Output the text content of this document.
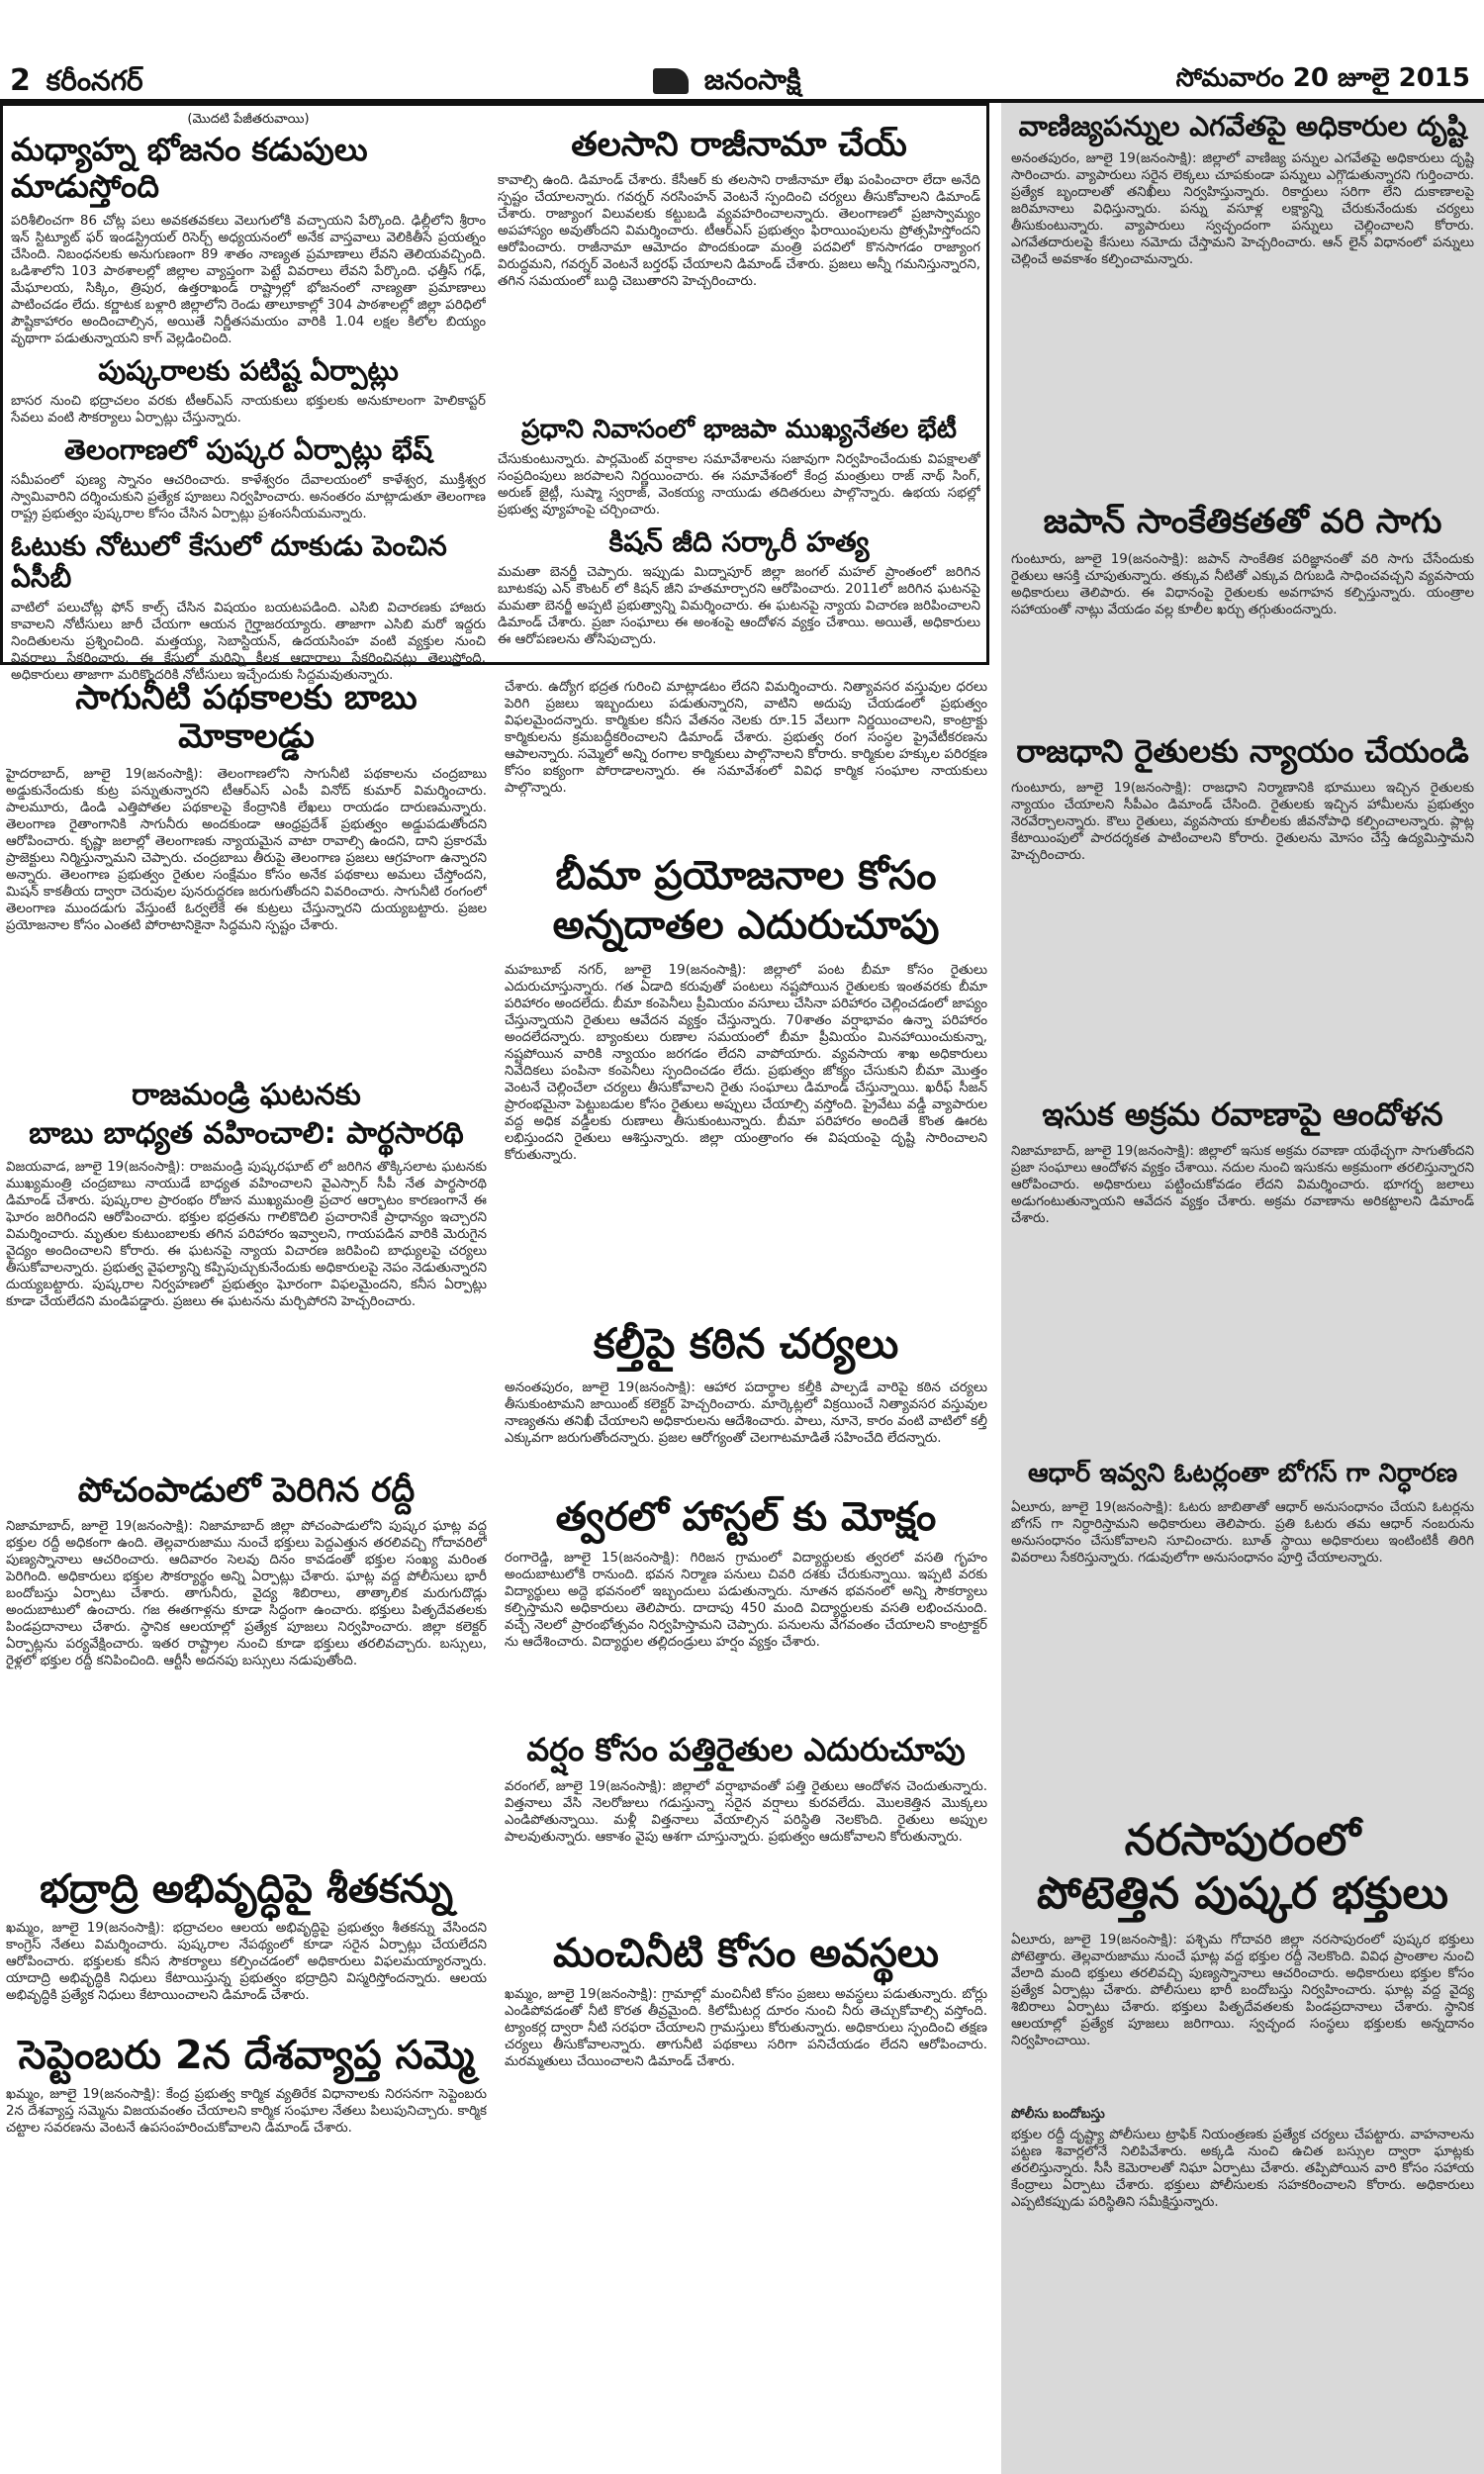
2 కరీంనగర్	జనంసాక్షి	సోమవారం 20 జూలై 2015
(మొదటి పేజీతరువాయి)
మధ్యాహ్న భోజనం కడుపులు మాడుస్తోంది
పరిశీలించగా 86 చోట్ల పలు అవకతవకలు వెలుగులోకి వచ్చాయని పేర్కొంది. ఢిల్లీలోని శ్రీరాం ఇన్ స్టిట్యూట్ ఫర్ ఇండస్ట్రియల్ రిసెర్చ్ అధ్యయనంలో అనేక వాస్తవాలు వెలికితీసే ప్రయత్నం చేసింది. నిబంధనలకు అనుగుణంగా 89 శాతం నాణ్యత ప్రమాణాలు లేవని తెలియవచ్చింది. ఒడిశాలోని 103 పాఠశాలల్లో జిల్లాల వ్యాప్తంగా పెట్టే వివరాలు లేవని పేర్కొంది. ఛత్తీస్ గఢ్, మేఘాలయ, సిక్కిం, త్రిపుర, ఉత్తరాఖండ్ రాష్ట్రాల్లో భోజనంలో నాణ్యతా ప్రమాణాలు పాటించడం లేదు. కర్ణాటక బళ్లారి జిల్లాలోని రెండు తాలూకాల్లో 304 పాఠశాలల్లో జిల్లా పరిధిలో పౌష్టికాహారం అందించాల్సిన, అయితే నిర్ణీతసమయం వారికి 1.04 లక్షల కిలోల బియ్యం వృథాగా పడుతున్నాయని కాగ్ వెల్లడించింది.
పుష్కరాలకు పటిష్ట ఏర్పాట్లు
బాసర నుంచి భద్రాచలం వరకు టీఆర్ఎస్ నాయకులు భక్తులకు అనుకూలంగా హెలికాప్టర్ సేవలు వంటి సౌకర్యాలు ఏర్పాట్లు చేస్తున్నారు.
తెలంగాణలో పుష్కర ఏర్పాట్లు భేష్
సమీపంలో పుణ్య స్నానం ఆచరించారు. కాళేశ్వరం దేవాలయంలో కాళేశ్వర, ముక్తీశ్వర స్వామివారిని దర్శించుకుని ప్రత్యేక పూజలు నిర్వహించారు. అనంతరం మాట్లాడుతూ తెలంగాణ రాష్ట్ర ప్రభుత్వం పుష్కరాల కోసం చేసిన ఏర్పాట్లు ప్రశంసనీయమన్నారు.
ఓటుకు నోటులో కేసులో దూకుడు పెంచిన ఏసీబీ
వాటిలో పలుచోట్ల ఫోన్ కాల్స్ చేసిన విషయం బయటపడింది. ఎసిబి విచారణకు హాజరు కావాలని నోటీసులు జారీ చేయగా ఆయన గైర్హాజరయ్యారు. తాజాగా ఎసిబి మరో ఇద్దరు నిందితులను ప్రశ్నించింది. మత్తయ్య, సెబాస్టియన్, ఉదయసింహ వంటి వ్యక్తుల నుంచి వివరాలు సేకరించారు. ఈ కేసులో మరిన్ని కీలక ఆధారాలు సేకరించినట్లు తెలుస్తోంది. అధికారులు తాజాగా మరికొందరికి నోటీసులు ఇచ్చేందుకు సిద్ధమవుతున్నారు.
తలసాని రాజీనామా చేయ్
కావాల్సి ఉంది. డిమాండ్ చేశారు. కేసీఆర్ కు తలసాని రాజీనామా లేఖ పంపించారా లేదా అనేది స్పష్టం చేయాలన్నారు. గవర్నర్ నరసింహన్ వెంటనే స్పందించి చర్యలు తీసుకోవాలని డిమాండ్ చేశారు. రాజ్యాంగ విలువలకు కట్టుబడి వ్యవహరించాలన్నారు. తెలంగాణలో ప్రజాస్వామ్యం అపహాస్యం అవుతోందని విమర్శించారు. టీఆర్ఎస్ ప్రభుత్వం ఫిరాయింపులను ప్రోత్సహిస్తోందని ఆరోపించారు. రాజీనామా ఆమోదం పొందకుండా మంత్రి పదవిలో కొనసాగడం రాజ్యాంగ విరుద్ధమని, గవర్నర్ వెంటనే బర్తరఫ్ చేయాలని డిమాండ్ చేశారు. ప్రజలు అన్నీ గమనిస్తున్నారని, తగిన సమయంలో బుద్ధి చెబుతారని హెచ్చరించారు.
ప్రధాని నివాసంలో భాజపా ముఖ్యనేతల భేటీ
చేసుకుంటున్నారు. పార్లమెంట్ వర్షాకాల సమావేశాలను సజావుగా నిర్వహించేందుకు విపక్షాలతో సంప్రదింపులు జరపాలని నిర్ణయించారు. ఈ సమావేశంలో కేంద్ర మంత్రులు రాజ్ నాథ్ సింగ్, అరుణ్ జైట్లీ, సుష్మా స్వరాజ్, వెంకయ్య నాయుడు తదితరులు పాల్గొన్నారు. ఉభయ సభల్లో ప్రభుత్వ వ్యూహంపై చర్చించారు.
కిషన్ జీది సర్కారీ హత్య
మమతా బెనర్జీ చెప్పారు. ఇప్పుడు మిద్నాపూర్ జిల్లా జంగల్ మహల్ ప్రాంతంలో జరిగిన బూటకపు ఎన్ కౌంటర్ లో కిషన్ జీని హతమార్చారని ఆరోపించారు. 2011లో జరిగిన ఘటనపై మమతా బెనర్జీ అప్పటి ప్రభుత్వాన్ని విమర్శించారు. ఈ ఘటనపై న్యాయ విచారణ జరిపించాలని డిమాండ్ చేశారు. ప్రజా సంఘాలు ఈ అంశంపై ఆందోళన వ్యక్తం చేశాయి. అయితే, అధికారులు ఈ ఆరోపణలను తోసిపుచ్చారు.
సాగునీటి పథకాలకు బాబు మోకాలడ్డు
హైదరాబాద్, జూలై 19(జనంసాక్షి): తెలంగాణలోని సాగునీటి పథకాలను చంద్రబాబు అడ్డుకునేందుకు కుట్ర పన్నుతున్నారని టీఆర్ఎస్ ఎంపీ వినోద్ కుమార్ విమర్శించారు. పాలమూరు, డిండి ఎత్తిపోతల పథకాలపై కేంద్రానికి లేఖలు రాయడం దారుణమన్నారు. తెలంగాణ రైతాంగానికి సాగునీరు అందకుండా ఆంధ్రప్రదేశ్ ప్రభుత్వం అడ్డుపడుతోందని ఆరోపించారు. కృష్ణా జలాల్లో తెలంగాణకు న్యాయమైన వాటా రావాల్సి ఉందని, దాని ప్రకారమే ప్రాజెక్టులు నిర్మిస్తున్నామని చెప్పారు. చంద్రబాబు తీరుపై తెలంగాణ ప్రజలు ఆగ్రహంగా ఉన్నారని అన్నారు. తెలంగాణ ప్రభుత్వం రైతుల సంక్షేమం కోసం అనేక పథకాలు అమలు చేస్తోందని, మిషన్ కాకతీయ ద్వారా చెరువుల పునరుద్ధరణ జరుగుతోందని వివరించారు. సాగునీటి రంగంలో తెలంగాణ ముందడుగు వేస్తుంటే ఓర్వలేకే ఈ కుట్రలు చేస్తున్నారని దుయ్యబట్టారు. ప్రజల ప్రయోజనాల కోసం ఎంతటి పోరాటానికైనా సిద్ధమని స్పష్టం చేశారు.
రాజమండ్రి ఘటనకు
బాబు బాధ్యత వహించాలి: పార్థసారథి
విజయవాడ, జూలై 19(జనంసాక్షి): రాజమండ్రి పుష్కరఘాట్ లో జరిగిన తొక్కిసలాట ఘటనకు ముఖ్యమంత్రి చంద్రబాబు నాయుడే బాధ్యత వహించాలని వైఎస్సార్ సీపీ నేత పార్థసారథి డిమాండ్ చేశారు. పుష్కరాల ప్రారంభం రోజున ముఖ్యమంత్రి ప్రచార ఆర్భాటం కారణంగానే ఈ ఘోరం జరిగిందని ఆరోపించారు. భక్తుల భద్రతను గాలికొదిలి ప్రచారానికే ప్రాధాన్యం ఇచ్చారని విమర్శించారు. మృతుల కుటుంబాలకు తగిన పరిహారం ఇవ్వాలని, గాయపడిన వారికి మెరుగైన వైద్యం అందించాలని కోరారు. ఈ ఘటనపై న్యాయ విచారణ జరిపించి బాధ్యులపై చర్యలు తీసుకోవాలన్నారు. ప్రభుత్వ వైఫల్యాన్ని కప్పిపుచ్చుకునేందుకు అధికారులపై నెపం నెడుతున్నారని దుయ్యబట్టారు. పుష్కరాల నిర్వహణలో ప్రభుత్వం ఘోరంగా విఫలమైందని, కనీస ఏర్పాట్లు కూడా చేయలేదని మండిపడ్డారు. ప్రజలు ఈ ఘటనను మర్చిపోరని హెచ్చరించారు.
పోచంపాడులో పెరిగిన రద్దీ
నిజామాబాద్, జూలై 19(జనంసాక్షి): నిజామాబాద్ జిల్లా పోచంపాడులోని పుష్కర ఘాట్ల వద్ద భక్తుల రద్దీ అధికంగా ఉంది. తెల్లవారుజాము నుంచే భక్తులు పెద్దఎత్తున తరలివచ్చి గోదావరిలో పుణ్యస్నానాలు ఆచరించారు. ఆదివారం సెలవు దినం కావడంతో భక్తుల సంఖ్య మరింత పెరిగింది. అధికారులు భక్తుల సౌకర్యార్థం అన్ని ఏర్పాట్లు చేశారు. ఘాట్ల వద్ద పోలీసులు భారీ బందోబస్తు ఏర్పాటు చేశారు. తాగునీరు, వైద్య శిబిరాలు, తాత్కాలిక మరుగుదొడ్లు అందుబాటులో ఉంచారు. గజ ఈతగాళ్లను కూడా సిద్ధంగా ఉంచారు. భక్తులు పితృదేవతలకు పిండప్రదానాలు చేశారు. స్థానిక ఆలయాల్లో ప్రత్యేక పూజలు నిర్వహించారు. జిల్లా కలెక్టర్ ఏర్పాట్లను పర్యవేక్షించారు. ఇతర రాష్ట్రాల నుంచి కూడా భక్తులు తరలివచ్చారు. బస్సులు, రైళ్లలో భక్తుల రద్దీ కనిపించింది. ఆర్టీసీ అదనపు బస్సులు నడుపుతోంది.
భద్రాద్రి అభివృద్ధిపై శీతకన్ను
ఖమ్మం, జూలై 19(జనంసాక్షి): భద్రాచలం ఆలయ అభివృద్ధిపై ప్రభుత్వం శీతకన్ను వేసిందని కాంగ్రెస్ నేతలు విమర్శించారు. పుష్కరాల నేపథ్యంలో కూడా సరైన ఏర్పాట్లు చేయలేదని ఆరోపించారు. భక్తులకు కనీస సౌకర్యాలు కల్పించడంలో అధికారులు విఫలమయ్యారన్నారు. యాదాద్రి అభివృద్ధికి నిధులు కేటాయిస్తున్న ప్రభుత్వం భద్రాద్రిని విస్మరిస్తోందన్నారు. ఆలయ అభివృద్ధికి ప్రత్యేక నిధులు కేటాయించాలని డిమాండ్ చేశారు.
సెప్టెంబరు 2న దేశవ్యాప్త సమ్మె
ఖమ్మం, జూలై 19(జనంసాక్షి): కేంద్ర ప్రభుత్వ కార్మిక వ్యతిరేక విధానాలకు నిరసనగా సెప్టెంబరు 2న దేశవ్యాప్త సమ్మెను విజయవంతం చేయాలని కార్మిక సంఘాల నేతలు పిలుపునిచ్చారు. కార్మిక చట్టాల సవరణను వెంటనే ఉపసంహరించుకోవాలని డిమాండ్ చేశారు.
చేశారు. ఉద్యోగ భద్రత గురించి మాట్లాడటం లేదని విమర్శించారు. నిత్యావసర వస్తువుల ధరలు పెరిగి ప్రజలు ఇబ్బందులు పడుతున్నారని, వాటిని అదుపు చేయడంలో ప్రభుత్వం విఫలమైందన్నారు. కార్మికుల కనీస వేతనం నెలకు రూ.15 వేలుగా నిర్ణయించాలని, కాంట్రాక్టు కార్మికులను క్రమబద్ధీకరించాలని డిమాండ్ చేశారు. ప్రభుత్వ రంగ సంస్థల ప్రైవేటీకరణను ఆపాలన్నారు. సమ్మెలో అన్ని రంగాల కార్మికులు పాల్గొనాలని కోరారు. కార్మికుల హక్కుల పరిరక్షణ కోసం ఐక్యంగా పోరాడాలన్నారు. ఈ సమావేశంలో వివిధ కార్మిక సంఘాల నాయకులు పాల్గొన్నారు.
బీమా ప్రయోజనాల కోసం
అన్నదాతల ఎదురుచూపు
మహబూబ్ నగర్, జూలై 19(జనంసాక్షి): జిల్లాలో పంట బీమా కోసం రైతులు ఎదురుచూస్తున్నారు. గత ఏడాది కరువుతో పంటలు నష్టపోయిన రైతులకు ఇంతవరకు బీమా పరిహారం అందలేదు. బీమా కంపెనీలు ప్రీమియం వసూలు చేసినా పరిహారం చెల్లించడంలో జాప్యం చేస్తున్నాయని రైతులు ఆవేదన వ్యక్తం చేస్తున్నారు. 70శాతం వర్షాభావం ఉన్నా పరిహారం అందలేదన్నారు. బ్యాంకులు రుణాల సమయంలో బీమా ప్రీమియం మినహాయించుకున్నా, నష్టపోయిన వారికి న్యాయం జరగడం లేదని వాపోయారు. వ్యవసాయ శాఖ అధికారులు నివేదికలు పంపినా కంపెనీలు స్పందించడం లేదు. ప్రభుత్వం జోక్యం చేసుకుని బీమా మొత్తం వెంటనే చెల్లించేలా చర్యలు తీసుకోవాలని రైతు సంఘాలు డిమాండ్ చేస్తున్నాయి. ఖరీఫ్ సీజన్ ప్రారంభమైనా పెట్టుబడుల కోసం రైతులు అప్పులు చేయాల్సి వస్తోంది. ప్రైవేటు వడ్డీ వ్యాపారుల వద్ద అధిక వడ్డీలకు రుణాలు తీసుకుంటున్నారు. బీమా పరిహారం అందితే కొంత ఊరట లభిస్తుందని రైతులు ఆశిస్తున్నారు. జిల్లా యంత్రాంగం ఈ విషయంపై దృష్టి సారించాలని కోరుతున్నారు.
కల్తీపై కఠిన చర్యలు
అనంతపురం, జూలై 19(జనంసాక్షి): ఆహార పదార్థాల కల్తీకి పాల్పడే వారిపై కఠిన చర్యలు తీసుకుంటామని జాయింట్ కలెక్టర్ హెచ్చరించారు. మార్కెట్లలో విక్రయించే నిత్యావసర వస్తువుల నాణ్యతను తనిఖీ చేయాలని అధికారులను ఆదేశించారు. పాలు, నూనె, కారం వంటి వాటిలో కల్తీ ఎక్కువగా జరుగుతోందన్నారు. ప్రజల ఆరోగ్యంతో చెలగాటమాడితే సహించేది లేదన్నారు.
త్వరలో హాస్టల్ కు మోక్షం
రంగారెడ్డి, జూలై 15(జనంసాక్షి): గిరిజన గ్రామంలో విద్యార్థులకు త్వరలో వసతి గృహం అందుబాటులోకి రానుంది. భవన నిర్మాణ పనులు చివరి దశకు చేరుకున్నాయి. ఇప్పటి వరకు విద్యార్థులు అద్దె భవనంలో ఇబ్బందులు పడుతున్నారు. నూతన భవనంలో అన్ని సౌకర్యాలు కల్పిస్తామని అధికారులు తెలిపారు. దాదాపు 450 మంది విద్యార్థులకు వసతి లభించనుంది. వచ్చే నెలలో ప్రారంభోత్సవం నిర్వహిస్తామని చెప్పారు. పనులను వేగవంతం చేయాలని కాంట్రాక్టర్ ను ఆదేశించారు. విద్యార్థుల తల్లిదండ్రులు హర్షం వ్యక్తం చేశారు.
వర్షం కోసం పత్తిరైతుల ఎదురుచూపు
వరంగల్, జూలై 19(జనంసాక్షి): జిల్లాలో వర్షాభావంతో పత్తి రైతులు ఆందోళన చెందుతున్నారు. విత్తనాలు వేసి నెలరోజులు గడుస్తున్నా సరైన వర్షాలు కురవలేదు. మొలకెత్తిన మొక్కలు ఎండిపోతున్నాయి. మళ్లీ విత్తనాలు వేయాల్సిన పరిస్థితి నెలకొంది. రైతులు అప్పుల పాలవుతున్నారు. ఆకాశం వైపు ఆశగా చూస్తున్నారు. ప్రభుత్వం ఆదుకోవాలని కోరుతున్నారు.
మంచినీటి కోసం అవస్థలు
ఖమ్మం, జూలై 19(జనంసాక్షి): గ్రామాల్లో మంచినీటి కోసం ప్రజలు అవస్థలు పడుతున్నారు. బోర్లు ఎండిపోవడంతో నీటి కొరత తీవ్రమైంది. కిలోమీటర్ల దూరం నుంచి నీరు తెచ్చుకోవాల్సి వస్తోంది. ట్యాంకర్ల ద్వారా నీటి సరఫరా చేయాలని గ్రామస్తులు కోరుతున్నారు. అధికారులు స్పందించి తక్షణ చర్యలు తీసుకోవాలన్నారు. తాగునీటి పథకాలు సరిగా పనిచేయడం లేదని ఆరోపించారు. మరమ్మతులు చేయించాలని డిమాండ్ చేశారు.
వాణిజ్యపన్నుల ఎగవేతపై అధికారుల దృష్టి
అనంతపురం, జూలై 19(జనంసాక్షి): జిల్లాలో వాణిజ్య పన్నుల ఎగవేతపై అధికారులు దృష్టి సారించారు. వ్యాపారులు సరైన లెక్కలు చూపకుండా పన్నులు ఎగ్గొడుతున్నారని గుర్తించారు. ప్రత్యేక బృందాలతో తనిఖీలు నిర్వహిస్తున్నారు. రికార్డులు సరిగా లేని దుకాణాలపై జరిమానాలు విధిస్తున్నారు. పన్ను వసూళ్ల లక్ష్యాన్ని చేరుకునేందుకు చర్యలు తీసుకుంటున్నారు. వ్యాపారులు స్వచ్ఛందంగా పన్నులు చెల్లించాలని కోరారు. ఎగవేతదారులపై కేసులు నమోదు చేస్తామని హెచ్చరించారు. ఆన్ లైన్ విధానంలో పన్నులు చెల్లించే అవకాశం కల్పించామన్నారు.
జపాన్ సాంకేతికతతో వరి సాగు
గుంటూరు, జూలై 19(జనంసాక్షి): జపాన్ సాంకేతిక పరిజ్ఞానంతో వరి సాగు చేసేందుకు రైతులు ఆసక్తి చూపుతున్నారు. తక్కువ నీటితో ఎక్కువ దిగుబడి సాధించవచ్చని వ్యవసాయ అధికారులు తెలిపారు. ఈ విధానంపై రైతులకు అవగాహన కల్పిస్తున్నారు. యంత్రాల సహాయంతో నాట్లు వేయడం వల్ల కూలీల ఖర్చు తగ్గుతుందన్నారు.
రాజధాని రైతులకు న్యాయం చేయండి
గుంటూరు, జూలై 19(జనంసాక్షి): రాజధాని నిర్మాణానికి భూములు ఇచ్చిన రైతులకు న్యాయం చేయాలని సీపీఎం డిమాండ్ చేసింది. రైతులకు ఇచ్చిన హామీలను ప్రభుత్వం నెరవేర్చాలన్నారు. కౌలు రైతులు, వ్యవసాయ కూలీలకు జీవనోపాధి కల్పించాలన్నారు. ప్లాట్ల కేటాయింపులో పారదర్శకత పాటించాలని కోరారు. రైతులను మోసం చేస్తే ఉద్యమిస్తామని హెచ్చరించారు.
ఇసుక అక్రమ రవాణాపై ఆందోళన
నిజామాబాద్, జూలై 19(జనంసాక్షి): జిల్లాలో ఇసుక అక్రమ రవాణా యథేచ్ఛగా సాగుతోందని ప్రజా సంఘాలు ఆందోళన వ్యక్తం చేశాయి. నదుల నుంచి ఇసుకను అక్రమంగా తరలిస్తున్నారని ఆరోపించారు. అధికారులు పట్టించుకోవడం లేదని విమర్శించారు. భూగర్భ జలాలు అడుగంటుతున్నాయని ఆవేదన వ్యక్తం చేశారు. అక్రమ రవాణాను అరికట్టాలని డిమాండ్ చేశారు.
ఆధార్ ఇవ్వని ఓటర్లంతా బోగస్ గా నిర్ధారణ
ఏలూరు, జూలై 19(జనంసాక్షి): ఓటరు జాబితాతో ఆధార్ అనుసంధానం చేయని ఓటర్లను బోగస్ గా నిర్ధారిస్తామని అధికారులు తెలిపారు. ప్రతి ఓటరు తమ ఆధార్ నంబరును అనుసంధానం చేసుకోవాలని సూచించారు. బూత్ స్థాయి అధికారులు ఇంటింటికీ తిరిగి వివరాలు సేకరిస్తున్నారు. గడువులోగా అనుసంధానం పూర్తి చేయాలన్నారు.
నరసాపురంలో
పోటెత్తిన పుష్కర భక్తులు
ఏలూరు, జూలై 19(జనంసాక్షి): పశ్చిమ గోదావరి జిల్లా నరసాపురంలో పుష్కర భక్తులు పోటెత్తారు. తెల్లవారుజాము నుంచే ఘాట్ల వద్ద భక్తుల రద్దీ నెలకొంది. వివిధ ప్రాంతాల నుంచి వేలాది మంది భక్తులు తరలివచ్చి పుణ్యస్నానాలు ఆచరించారు. అధికారులు భక్తుల కోసం ప్రత్యేక ఏర్పాట్లు చేశారు. పోలీసులు భారీ బందోబస్తు నిర్వహించారు. ఘాట్ల వద్ద వైద్య శిబిరాలు ఏర్పాటు చేశారు. భక్తులు పితృదేవతలకు పిండప్రదానాలు చేశారు. స్థానిక ఆలయాల్లో ప్రత్యేక పూజలు జరిగాయి. స్వచ్ఛంద సంస్థలు భక్తులకు అన్నదానం నిర్వహించాయి.
పోలీసు బందోబస్తు
భక్తుల రద్దీ దృష్ట్యా పోలీసులు ట్రాఫిక్ నియంత్రణకు ప్రత్యేక చర్యలు చేపట్టారు. వాహనాలను పట్టణ శివార్లలోనే నిలిపివేశారు. అక్కడి నుంచి ఉచిత బస్సుల ద్వారా ఘాట్లకు తరలిస్తున్నారు. సీసీ కెమెరాలతో నిఘా ఏర్పాటు చేశారు. తప్పిపోయిన వారి కోసం సహాయ కేంద్రాలు ఏర్పాటు చేశారు. భక్తులు పోలీసులకు సహకరించాలని కోరారు. అధికారులు ఎప్పటికప్పుడు పరిస్థితిని సమీక్షిస్తున్నారు.
